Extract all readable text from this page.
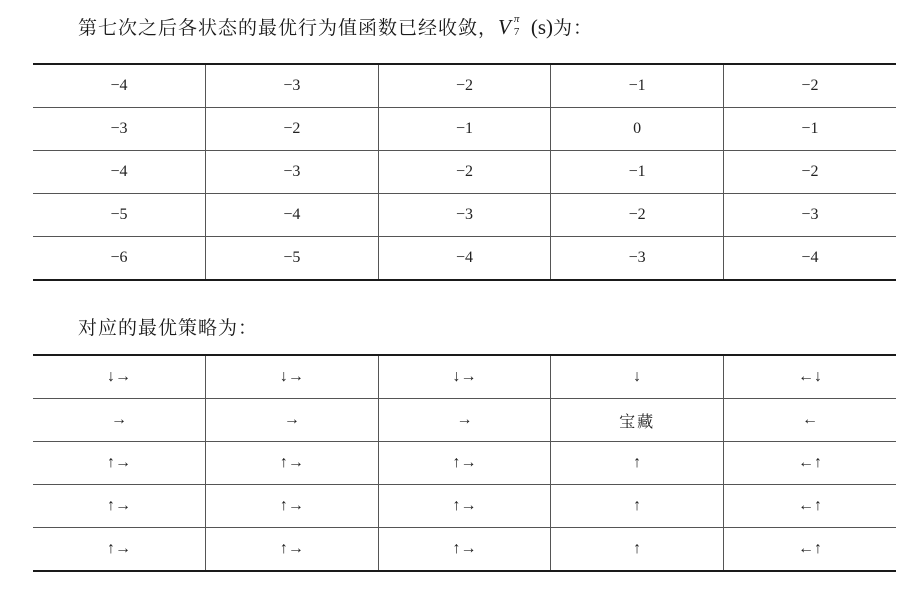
第七次之后各状态的最优行为值函数已经收敛，V π
7 (s)为：
−4	−3	−2	−1	−2
−3	−2	−1	0	−1
−4	−3	−2	−1	−2
−5	−4	−3	−2	−3
−6	−5	−4	−3	−4
对应的最优策略为：
↓→	↓→	↓→	↓	←↓
→	→	→	宝藏	←
↑→	↑→	↑→	↑	←↑
↑→	↑→	↑→	↑	←↑
↑→	↑→	↑→	↑	←↑
